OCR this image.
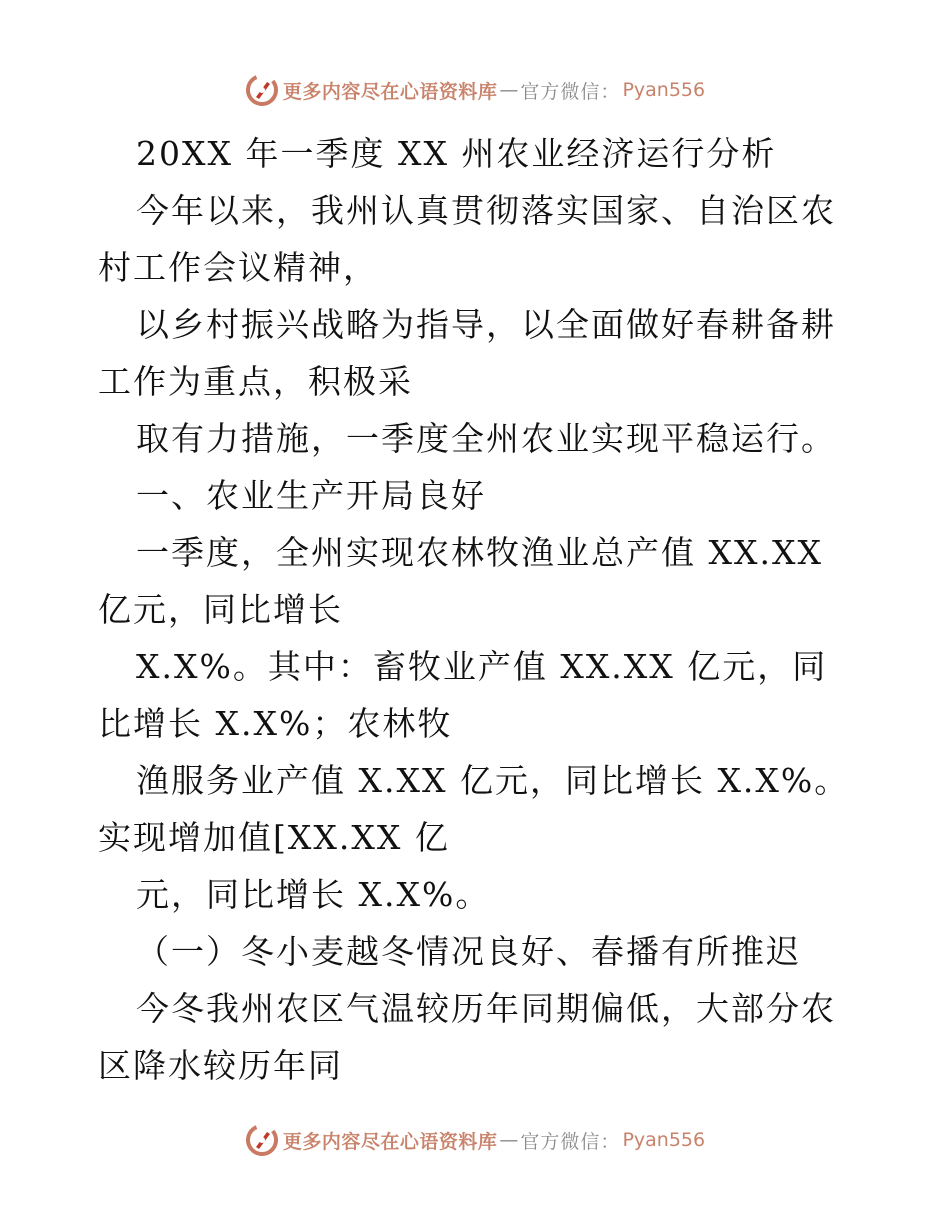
更多内容尽在心语资料库 — 官方微信： Pyan556

20XX 年一季度 XX 州农业经济运行分析

今年以来，我州认真贯彻落实国家、自治区农村工作会议精神，

以乡村振兴战略为指导，以全面做好春耕备耕工作为重点，积极采

取有力措施，一季度全州农业实现平稳运行。

一、农业生产开局良好

一季度，全州实现农林牧渔业总产值 XX.XX 亿元，同比增长

X.X%。其中：畜牧业产值 XX.XX 亿元，同比增长 X.X%；农林牧

渔服务业产值 X.XX 亿元，同比增长 X.X%。实现增加值[XX.XX 亿

元，同比增长 X.X%。

（一）冬小麦越冬情况良好、春播有所推迟

今冬我州农区气温较历年同期偏低，大部分农区降水较历年同

更多内容尽在心语资料库 — 官方微信： Pyan556
